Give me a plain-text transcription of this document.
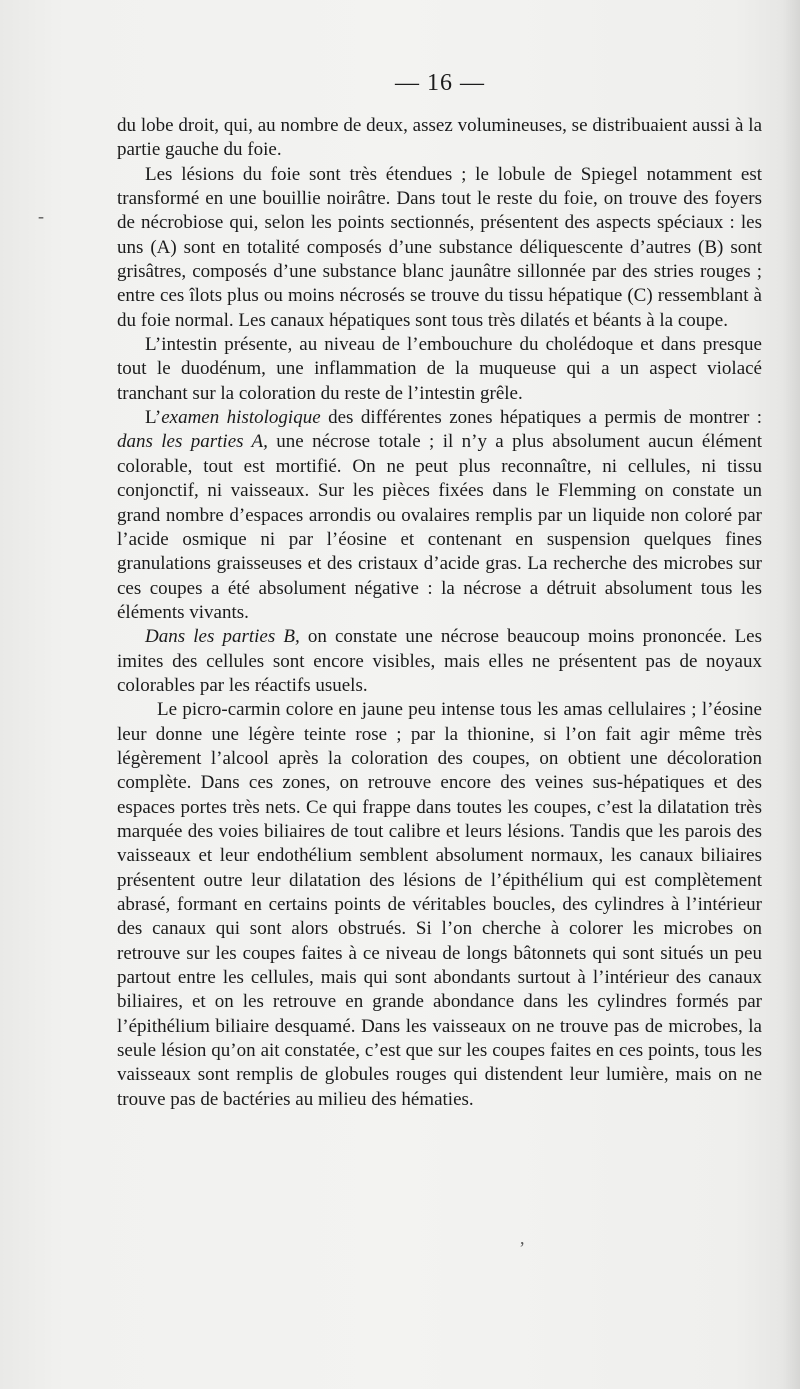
— 16 —

du lobe droit, qui, au nombre de deux, assez volumineuses, se distribuaient aussi à la partie gauche du foie.

Les lésions du foie sont très étendues ; le lobule de Spiegel notamment est transformé en une bouillie noirâtre. Dans tout le reste du foie, on trouve des foyers de nécrobiose qui, selon les points sectionnés, présentent des aspects spéciaux : les uns (A) sont en totalité composés d’une substance déliquescente d’autres (B) sont grisâtres, composés d’une substance blanc jaunâtre sillonnée par des stries rouges ; entre ces îlots plus ou moins nécrosés se trouve du tissu hépatique (C) ressemblant à du foie normal. Les canaux hépatiques sont tous très dilatés et béants à la coupe.

L’intestin présente, au niveau de l’embouchure du cholédoque et dans presque tout le duodénum, une inflammation de la muqueuse qui a un aspect violacé tranchant sur la coloration du reste de l’intestin grêle.

L’examen histologique des différentes zones hépatiques a permis de montrer : dans les parties A, une nécrose totale ; il n’y a plus absolument aucun élément colorable, tout est mortifié. On ne peut plus reconnaître, ni cellules, ni tissu conjonctif, ni vaisseaux. Sur les pièces fixées dans le Flemming on constate un grand nombre d’espaces arrondis ou ovalaires remplis par un liquide non coloré par l’acide osmique ni par l’éosine et contenant en suspension quelques fines granulations graisseuses et des cristaux d’acide gras. La recherche des microbes sur ces coupes a été absolument négative : la nécrose a détruit absolument tous les éléments vivants.

Dans les parties B, on constate une nécrose beaucoup moins prononcée. Les imites des cellules sont encore visibles, mais elles ne présentent pas de noyaux colorables par les réactifs usuels.

Le picro-carmin colore en jaune peu intense tous les amas cellulaires ; l’éosine leur donne une légère teinte rose ; par la thionine, si l’on fait agir même très légèrement l’alcool après la coloration des coupes, on obtient une décoloration complète. Dans ces zones, on retrouve encore des veines sus-hépatiques et des espaces portes très nets. Ce qui frappe dans toutes les coupes, c’est la dilatation très marquée des voies biliaires de tout calibre et leurs lésions. Tandis que les parois des vaisseaux et leur endothélium semblent absolument normaux, les canaux biliaires présentent outre leur dilatation des lésions de l’épithélium qui est complètement abrasé, formant en certains points de véritables boucles, des cylindres à l’intérieur des canaux qui sont alors obstrués. Si l’on cherche à colorer les microbes on retrouve sur les coupes faites à ce niveau de longs bâtonnets qui sont situés un peu partout entre les cellules, mais qui sont abondants surtout à l’intérieur des canaux biliaires, et on les retrouve en grande abondance dans les cylindres formés par l’épithélium biliaire desquamé. Dans les vaisseaux on ne trouve pas de microbes, la seule lésion qu’on ait constatée, c’est que sur les coupes faites en ces points, tous les vaisseaux sont remplis de globules rouges qui distendent leur lumière, mais on ne trouve pas de bactéries au milieu des hématies.

-
,
